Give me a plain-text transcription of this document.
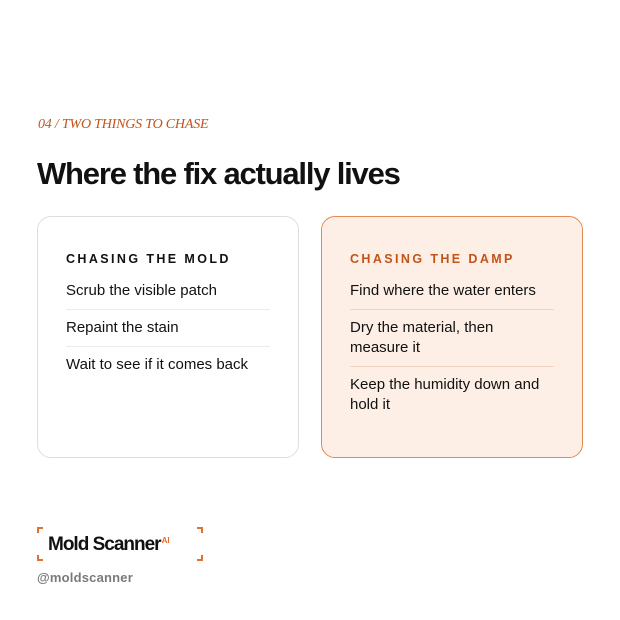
04 / TWO THINGS TO CHASE
Where the fix actually lives
CHASING THE MOLD
Scrub the visible patch
Repaint the stain
Wait to see if it comes back
CHASING THE DAMP
Find where the water enters
Dry the material, then measure it
Keep the humidity down and hold it
Mold Scanner$^{AI}$
@moldscanner
